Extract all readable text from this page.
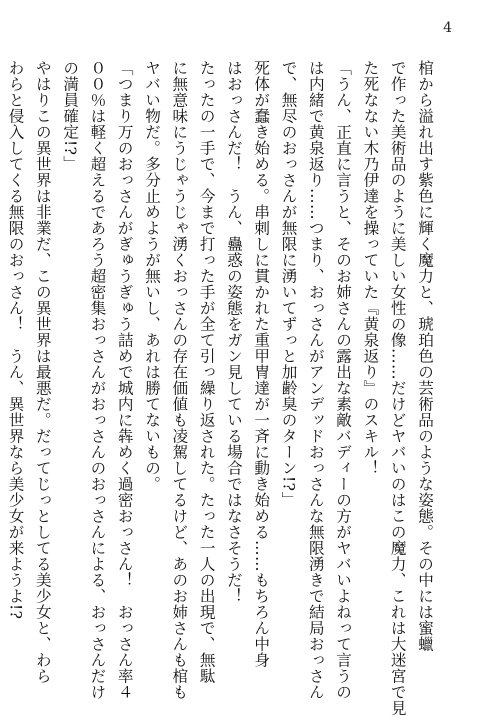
4
棺から溢れ出す紫色に輝く魔力と、琥珀色の芸術品のような姿態。その中には蜜蠟
で作った美術品のように美しい女性の像……だけどヤバいのはこの魔力、これは大迷宮で見
た死なない木乃伊達を操っていた『黄泉返り』のスキル！
「うん、正直に言うと、そのお姉さんの露出な素敵バディーの方がヤバいよねって言うの
は内緒で黄泉返り……つまり、おっさんがアンデッドおっさんな無限湧きで結局おっさん
で、無尽のおっさんが無限に湧いてずっと加齢臭のターン!?」
死体が蠢き始める。串刺しに貫かれた重甲冑達が一斉に動き始める……もちろん中身
はおっさんだ！　うん、蠱惑の姿態をガン見している場合ではなさそうだ！
たったの一手で、今まで打った手が全て引っ繰り返された。たった一人の出現で、無駄
に無意味にうじゃうじゃ湧くおっさんの存在価値も凌駕してるけど、あのお姉さんも棺も
ヤバい物だ。多分止めようが無いし、あれは勝てないもの。
「つまり万のおっさんがぎゅうぎゅう詰めで城内に犇めく過密おっさん！　おっさん率４
００％は軽く超えるであろう超密集おっさんがおっさんのおっさんによる、おっさんだけ
の満員確定!?」
やはりこの異世界は非業だ、この異世界は最悪だ。だってじっとしてる美少女と、わら
わらと侵入してくる無限のおっさん！　うん、異世界なら美少女が来ようよ!?
